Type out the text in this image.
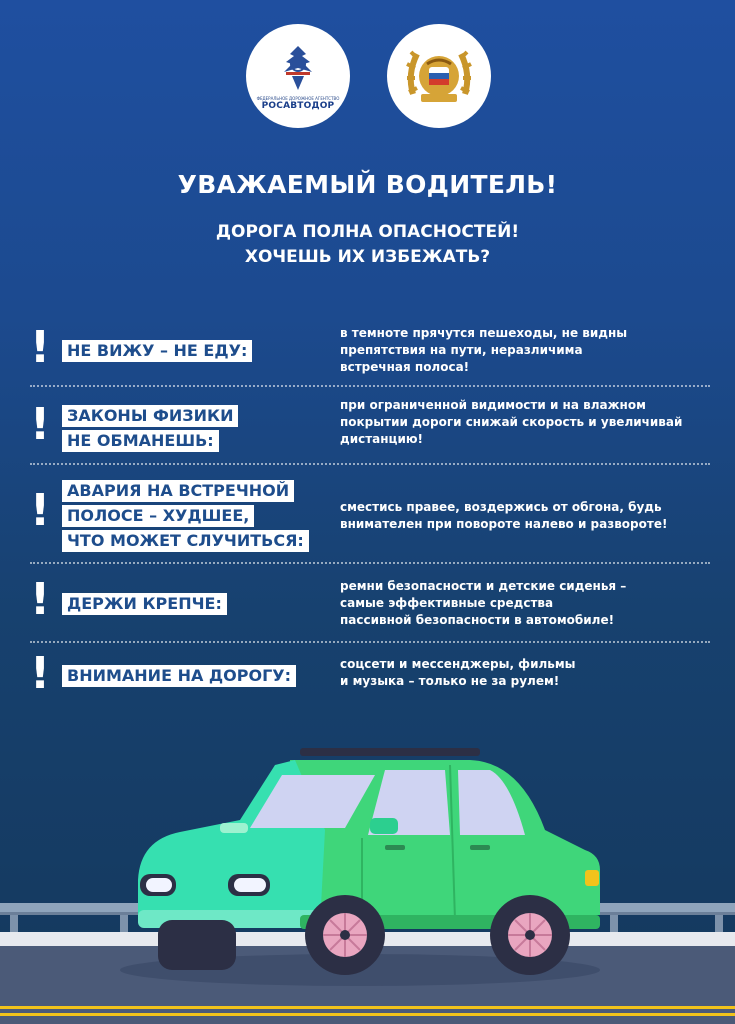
ФЕДЕРАЛЬНОЕ ДОРОЖНОЕ АГЕНТСТВО
РОСАВТОДОР
УВАЖАЕМЫЙ ВОДИТЕЛЬ!
ДОРОГА ПОЛНА ОПАСНОСТЕЙ!
ХОЧЕШЬ ИХ ИЗБЕЖАТЬ?
!	НЕ ВИЖУ – НЕ ЕДУ:
в темноте прячутся пешеходы, не видны
препятствия на пути, неразличима
встречная полоса!
!	ЗАКОНЫ ФИЗИКИ
НЕ ОБМАНЕШЬ:
при ограниченной видимости и на влажном
покрытии дороги снижай скорость и увеличивай
дистанцию!
!	АВАРИЯ НА ВСТРЕЧНОЙ
ПОЛОСЕ – ХУДШЕЕ,
ЧТО МОЖЕТ СЛУЧИТЬСЯ:
сместись правее, воздержись от обгона, будь
внимателен при повороте налево и развороте!
!	ДЕРЖИ КРЕПЧЕ:
ремни безопасности и детские сиденья –
самые эффективные средства
пассивной безопасности в автомобиле!
!	ВНИМАНИЕ НА ДОРОГУ:
соцсети и мессенджеры, фильмы
и музыка – только не за рулем!
